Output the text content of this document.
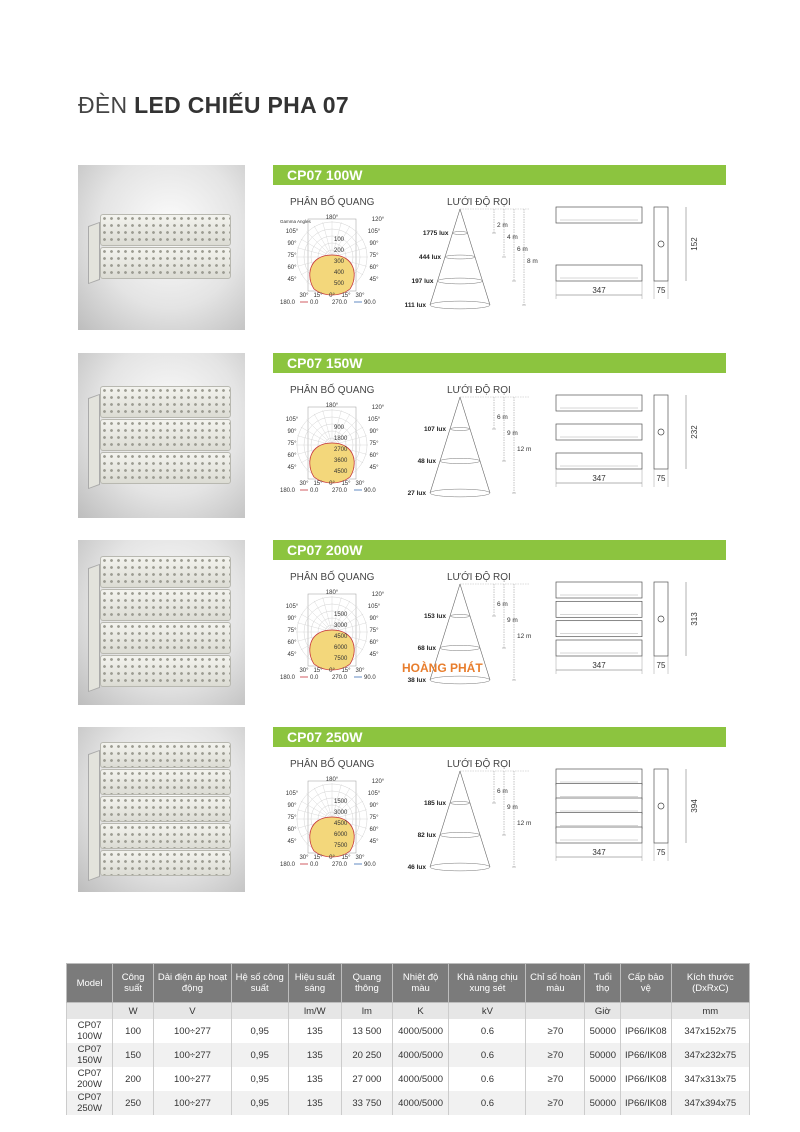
ĐÈN LED CHIẾU PHA 07
CP07 100W
PHÂN BỐ QUANG	LƯỚI ĐỘ RỌI
100
200
300
400
500
Gamma Angles
180°	120°
105°	105°
90°	90°
75°	75°
60°	60°
45°	45°
30° 15° 0° 15° 30°
180.0 0.0 270.0	90.0
1775 lux
444 lux
197 lux
111 lux
2 m
4 m
6 m
8 m
152
347	75
CP07 150W
PHÂN BỐ QUANG	LƯỚI ĐỘ RỌI
900
1800
2700
3600
4500
180°	120°
105°	105°
90°	90°
75°	75°
60°	60°
45°	45°
30° 15° 0° 15° 30°
180.0 0.0 270.0	90.0
107 lux
48 lux
27 lux
6 m
9 m
12 m
232
347	75
CP07 200W
PHÂN BỐ QUANG	LƯỚI ĐỘ RỌI
1500
3000
4500
6000
7500
180°	120°
105°	105°
90°	90°
75°	75°
60°	60°
45°	45°
30° 15° 0° 15° 30°
180.0 0.0 270.0	90.0
153 lux
68 lux
38 lux
6 m
9 m
12 m
313
347	75
CP07 250W
PHÂN BỐ QUANG	LƯỚI ĐỘ RỌI
1500
3000
4500
6000
7500
180°	120°
105°	105°
90°	90°
75°	75°
60°	60°
45°	45°
30° 15° 0° 15° 30°
180.0 0.0 270.0	90.0
185 lux
82 lux
46 lux
6 m
9 m
12 m
394
347	75
HOÀNG PHÁT
Model	Công suất	Dải điện áp hoạt động	Hệ số công suất	Hiệu suất sáng	Quang thông	Nhiệt độ màu	Khả năng chịu xung sét	Chỉ số hoàn màu	Tuổi thọ	Cấp bảo vệ	Kích thước (DxRxC)
	W	V		lm/W	lm	K	kV		Giờ		mm
CP07 100W	100	100÷277	0,95	135	13 500	4000/5000	0.6	≥70	50000	IP66/IK08	347x152x75
CP07 150W	150	100÷277	0,95	135	20 250	4000/5000	0.6	≥70	50000	IP66/IK08	347x232x75
CP07 200W	200	100÷277	0,95	135	27 000	4000/5000	0.6	≥70	50000	IP66/IK08	347x313x75
CP07 250W	250	100÷277	0,95	135	33 750	4000/5000	0.6	≥70	50000	IP66/IK08	347x394x75
